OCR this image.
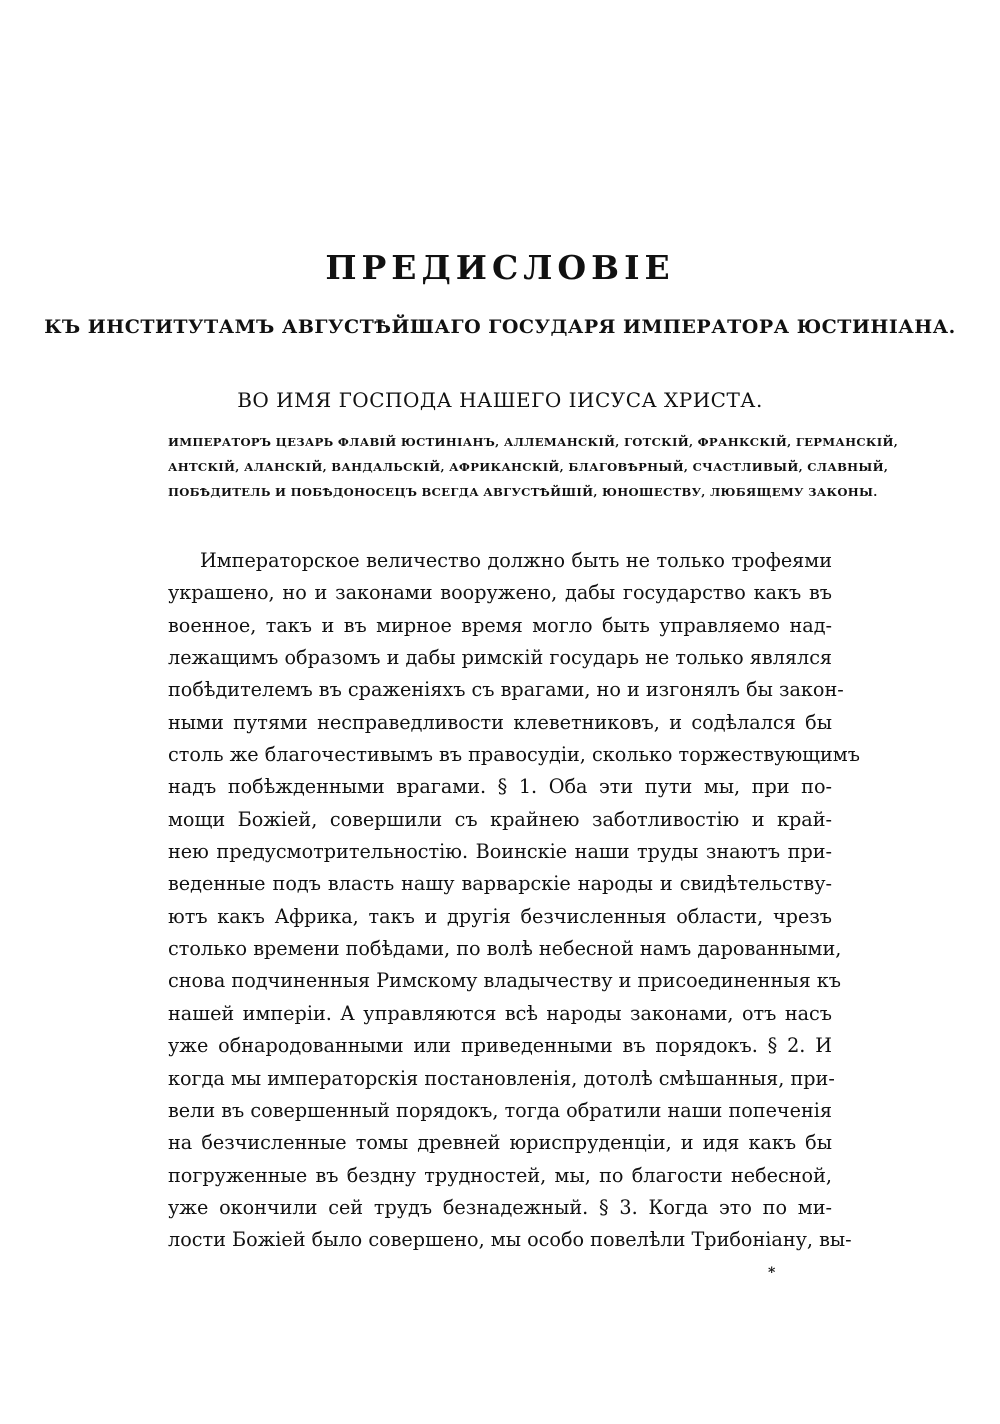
ПРЕДИСЛОВIЕ
КЪ ИНСТИТУТАМЪ АВГУСТѢЙШАГО ГОСУДАРЯ ИМПЕРАТОРА ЮСТИНIАНА.
ВО ИМЯ ГОСПОДА НАШЕГО IИСУСА ХРИСТА.
ИМПЕРАТОРЪ ЦЕЗАРЬ ФЛАВIЙ ЮСТИНIАНЪ, АЛЛЕМАНСКIЙ, ГОТСКIЙ, ФРАНКСКIЙ, ГЕРМАНСКIЙ,
АНТСКIЙ, АЛАНСКIЙ, ВАНДАЛЬСКIЙ, АФРИКАНСКIЙ, БЛАГОВѢРНЫЙ, СЧАСТЛИВЫЙ, СЛАВНЫЙ,
ПОБѢДИТЕЛЬ И ПОБѢДОНОСЕЦЪ ВСЕГДА АВГУСТѢЙШIЙ, ЮНОШЕСТВУ, ЛЮБЯЩЕМУ ЗАКОНЫ.
Императорское величество должно быть не только трофеями
украшено, но и законами вооружено, дабы государство какъ въ
военное, такъ и въ мирное время могло быть управляемо над-
лежащимъ образомъ и дабы римскiй государь не только являлся
побѣдителемъ въ сраженiяхъ съ врагами, но и изгонялъ бы закон-
ными путями несправедливости клеветниковъ, и содѣлался бы
столь же благочестивымъ въ правосудiи, сколько торжествующимъ
надъ побѣжденными врагами. § 1. Оба эти пути мы, при по-
мощи Божiей, совершили съ крайнею заботливостiю и край-
нею предусмотрительностiю. Воинскiе наши труды знаютъ при-
веденные подъ власть нашу варварскiе народы и свидѣтельству-
ютъ какъ Африка, такъ и другiя безчисленныя области, чрезъ
столько времени побѣдами, по волѣ небесной намъ дарованными,
снова подчиненныя Римскому владычеству и присоединенныя къ
нашей имперiи. А управляются всѣ народы законами, отъ насъ
уже обнародованными или приведенными въ порядокъ. § 2. И
когда мы императорскiя постановленiя, дотолѣ смѣшанныя, при-
вели въ совершенный порядокъ, тогда обратили наши попеченiя
на безчисленные томы древней юриспруденцiи, и идя какъ бы
погруженные въ бездну трудностей, мы, по благости небесной,
уже окончили сей трудъ безнадежный. § 3. Когда это по ми-
лости Божiей было совершено, мы особо повелѣли Трибонiану, вы-
*
